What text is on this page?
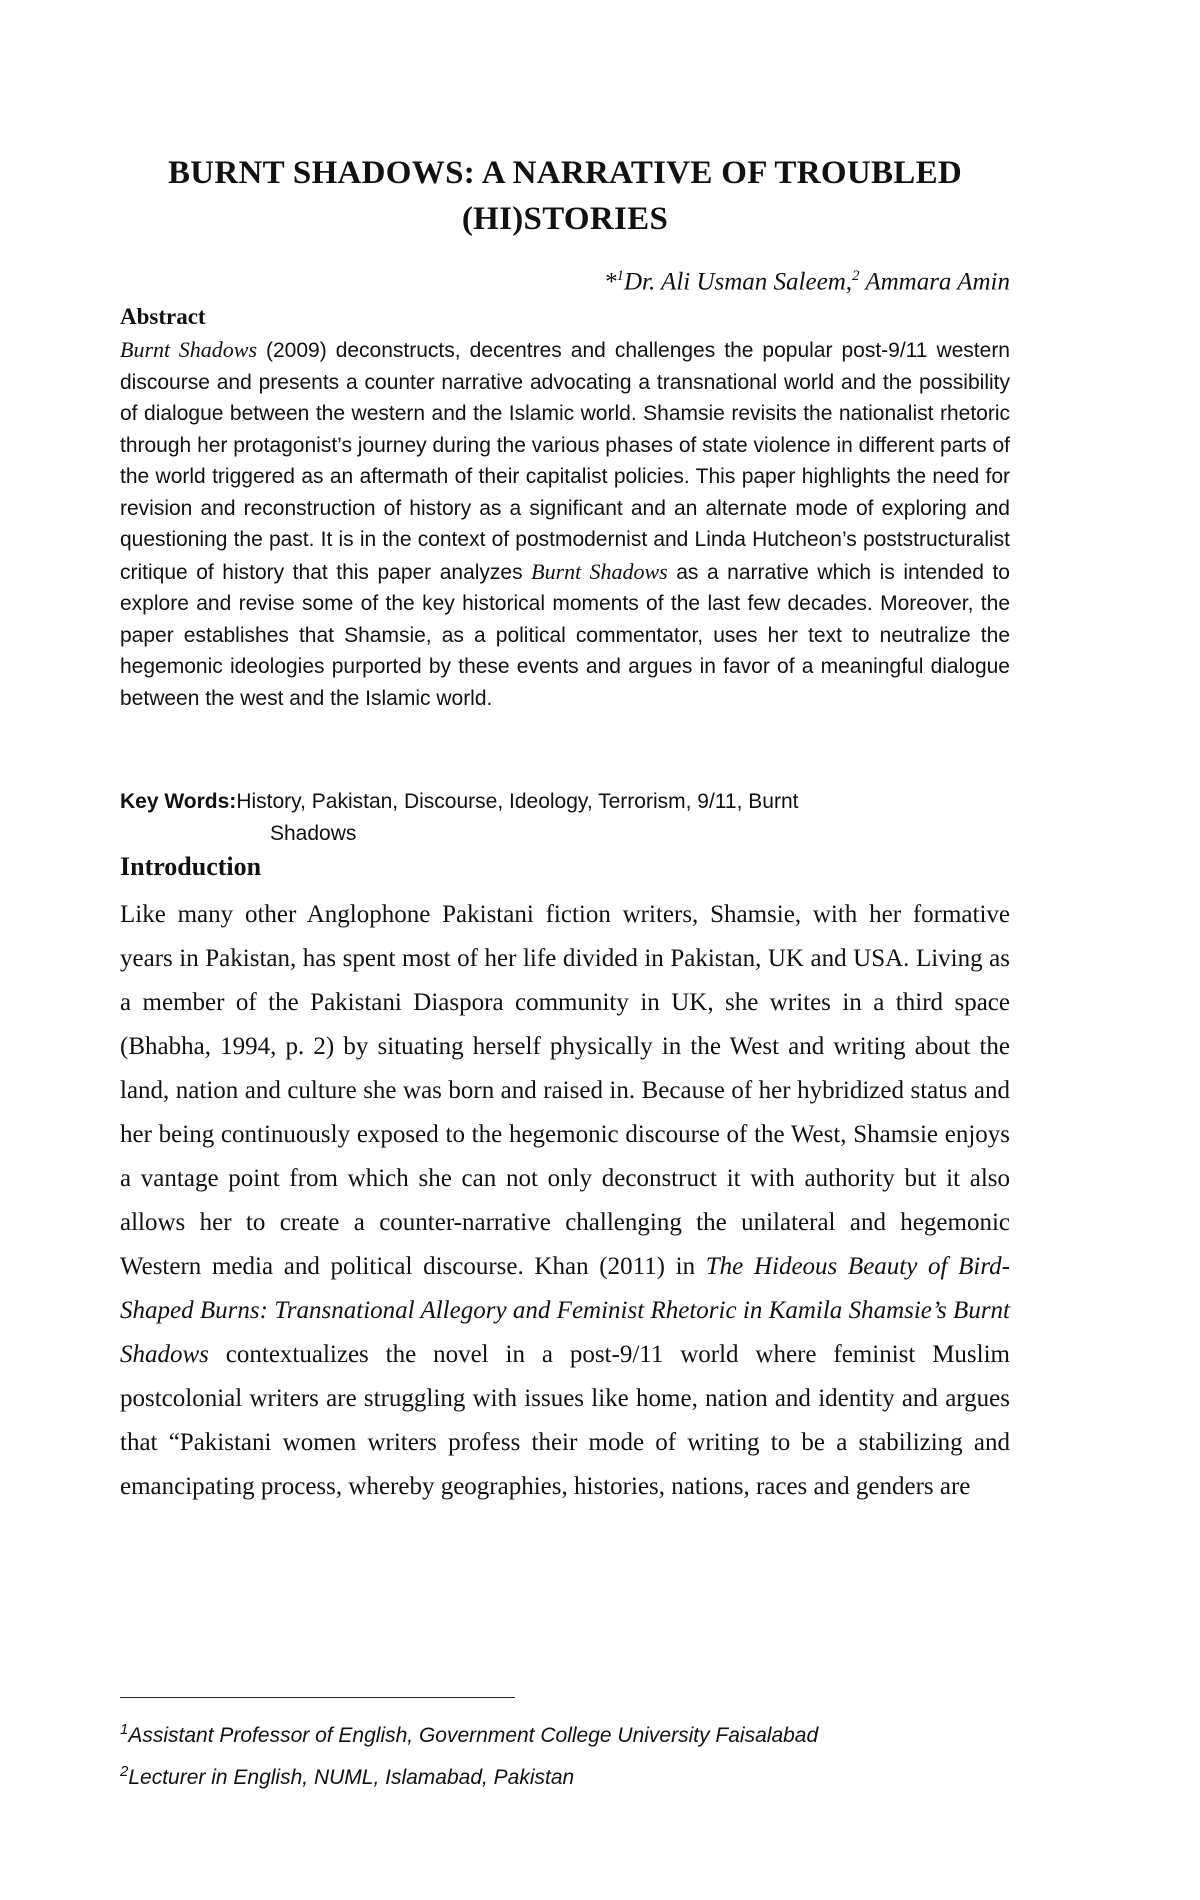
BURNT SHADOWS: A NARRATIVE OF TROUBLED
(HI)STORIES
*$^1$Dr. Ali Usman Saleem,$^2$ Ammara Amin
Abstract
Burnt Shadows (2009) deconstructs, decentres and challenges the popular post-9/11 western discourse and presents a counter narrative advocating a transnational world and the possibility of dialogue between the western and the Islamic world. Shamsie revisits the nationalist rhetoric through her protagonist’s journey during the various phases of state violence in different parts of the world triggered as an aftermath of their capitalist policies. This paper highlights the need for revision and reconstruction of history as a significant and an alternate mode of exploring and questioning the past. It is in the context of postmodernist and Linda Hutcheon’s poststructuralist critique of history that this paper analyzes Burnt Shadows as a narrative which is intended to explore and revise some of the key historical moments of the last few decades. Moreover, the paper establishes that Shamsie, as a political commentator, uses her text to neutralize the hegemonic ideologies purported by these events and argues in favor of a meaningful dialogue between the west and the Islamic world.
Key Words:History, Pakistan, Discourse, Ideology, Terrorism, 9/11, Burnt
Shadows
Introduction
Like many other Anglophone Pakistani fiction writers, Shamsie, with her formative years in Pakistan, has spent most of her life divided in Pakistan, UK and USA. Living as a member of the Pakistani Diaspora community in UK, she writes in a third space (Bhabha, 1994, p. 2) by situating herself physically in the West and writing about the land, nation and culture she was born and raised in. Because of her hybridized status and her being continuously exposed to the hegemonic discourse of the West, Shamsie enjoys a vantage point from which she can not only deconstruct it with authority but it also allows her to create a counter-narrative challenging the unilateral and hegemonic Western media and political discourse. Khan (2011) in The Hideous Beauty of Bird-Shaped Burns: Transnational Allegory and Feminist Rhetoric in Kamila Shamsie’s Burnt Shadows contextualizes the novel in a post-9/11 world where feminist Muslim postcolonial writers are struggling with issues like home, nation and identity and argues that “Pakistani women writers profess their mode of writing to be a stabilizing and emancipating process, whereby geographies, histories, nations, races and genders are
$^1$Assistant Professor of English, Government College University Faisalabad
$^2$Lecturer in English, NUML, Islamabad, Pakistan
